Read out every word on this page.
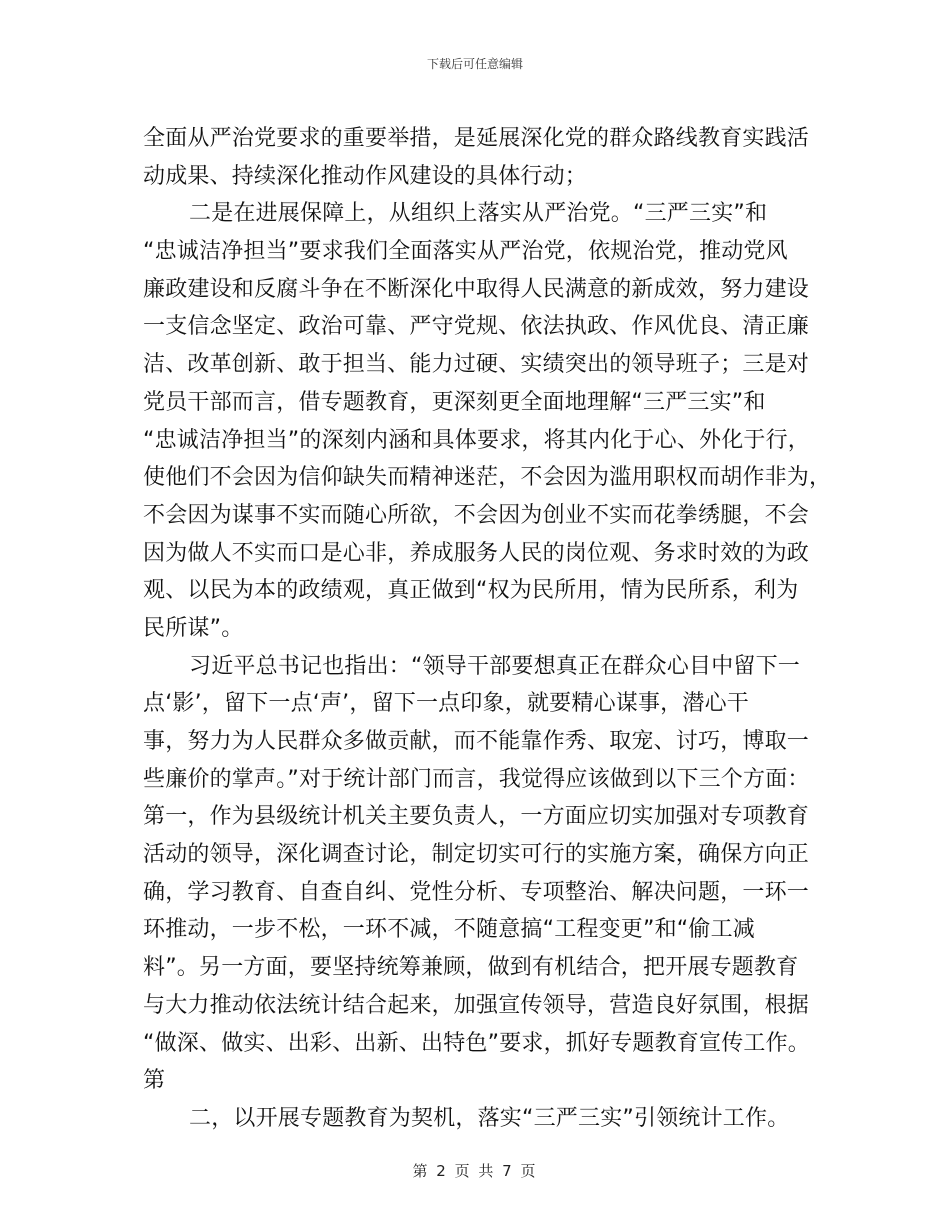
下载后可任意编辑
全面从严治党要求的重要举措，是延展深化党的群众路线教育实践活
动成果、持续深化推动作风建设的具体行动；
二是在进展保障上，从组织上落实从严治党。“三严三实”和
“忠诚洁净担当”要求我们全面落实从严治党，依规治党，推动党风
廉政建设和反腐斗争在不断深化中取得人民满意的新成效，努力建设
一支信念坚定、政治可靠、严守党规、依法执政、作风优良、清正廉
洁、改革创新、敢于担当、能力过硬、实绩突出的领导班子；三是对
党员干部而言，借专题教育，更深刻更全面地理解“三严三实”和
“忠诚洁净担当”的深刻内涵和具体要求，将其内化于心、外化于行，
使他们不会因为信仰缺失而精神迷茫，不会因为滥用职权而胡作非为，
不会因为谋事不实而随心所欲，不会因为创业不实而花拳绣腿，不会
因为做人不实而口是心非，养成服务人民的岗位观、务求时效的为政
观、以民为本的政绩观，真正做到“权为民所用，情为民所系，利为
民所谋”。
习近平总书记也指出：“领导干部要想真正在群众心目中留下一
点‘影’，留下一点‘声’，留下一点印象，就要精心谋事，潜心干
事，努力为人民群众多做贡献，而不能靠作秀、取宠、讨巧，博取一
些廉价的掌声。”对于统计部门而言，我觉得应该做到以下三个方面：
第一，作为县级统计机关主要负责人，一方面应切实加强对专项教育
活动的领导，深化调查讨论，制定切实可行的实施方案，确保方向正
确，学习教育、自查自纠、党性分析、专项整治、解决问题，一环一
环推动，一步不松，一环不减，不随意搞“工程变更”和“偷工减
料”。另一方面，要坚持统筹兼顾，做到有机结合，把开展专题教育
与大力推动依法统计结合起来，加强宣传领导，营造良好氛围，根据
“做深、做实、出彩、出新、出特色”要求，抓好专题教育宣传工作。
第
二，以开展专题教育为契机，落实“三严三实”引领统计工作。
第 2 页 共 7 页
